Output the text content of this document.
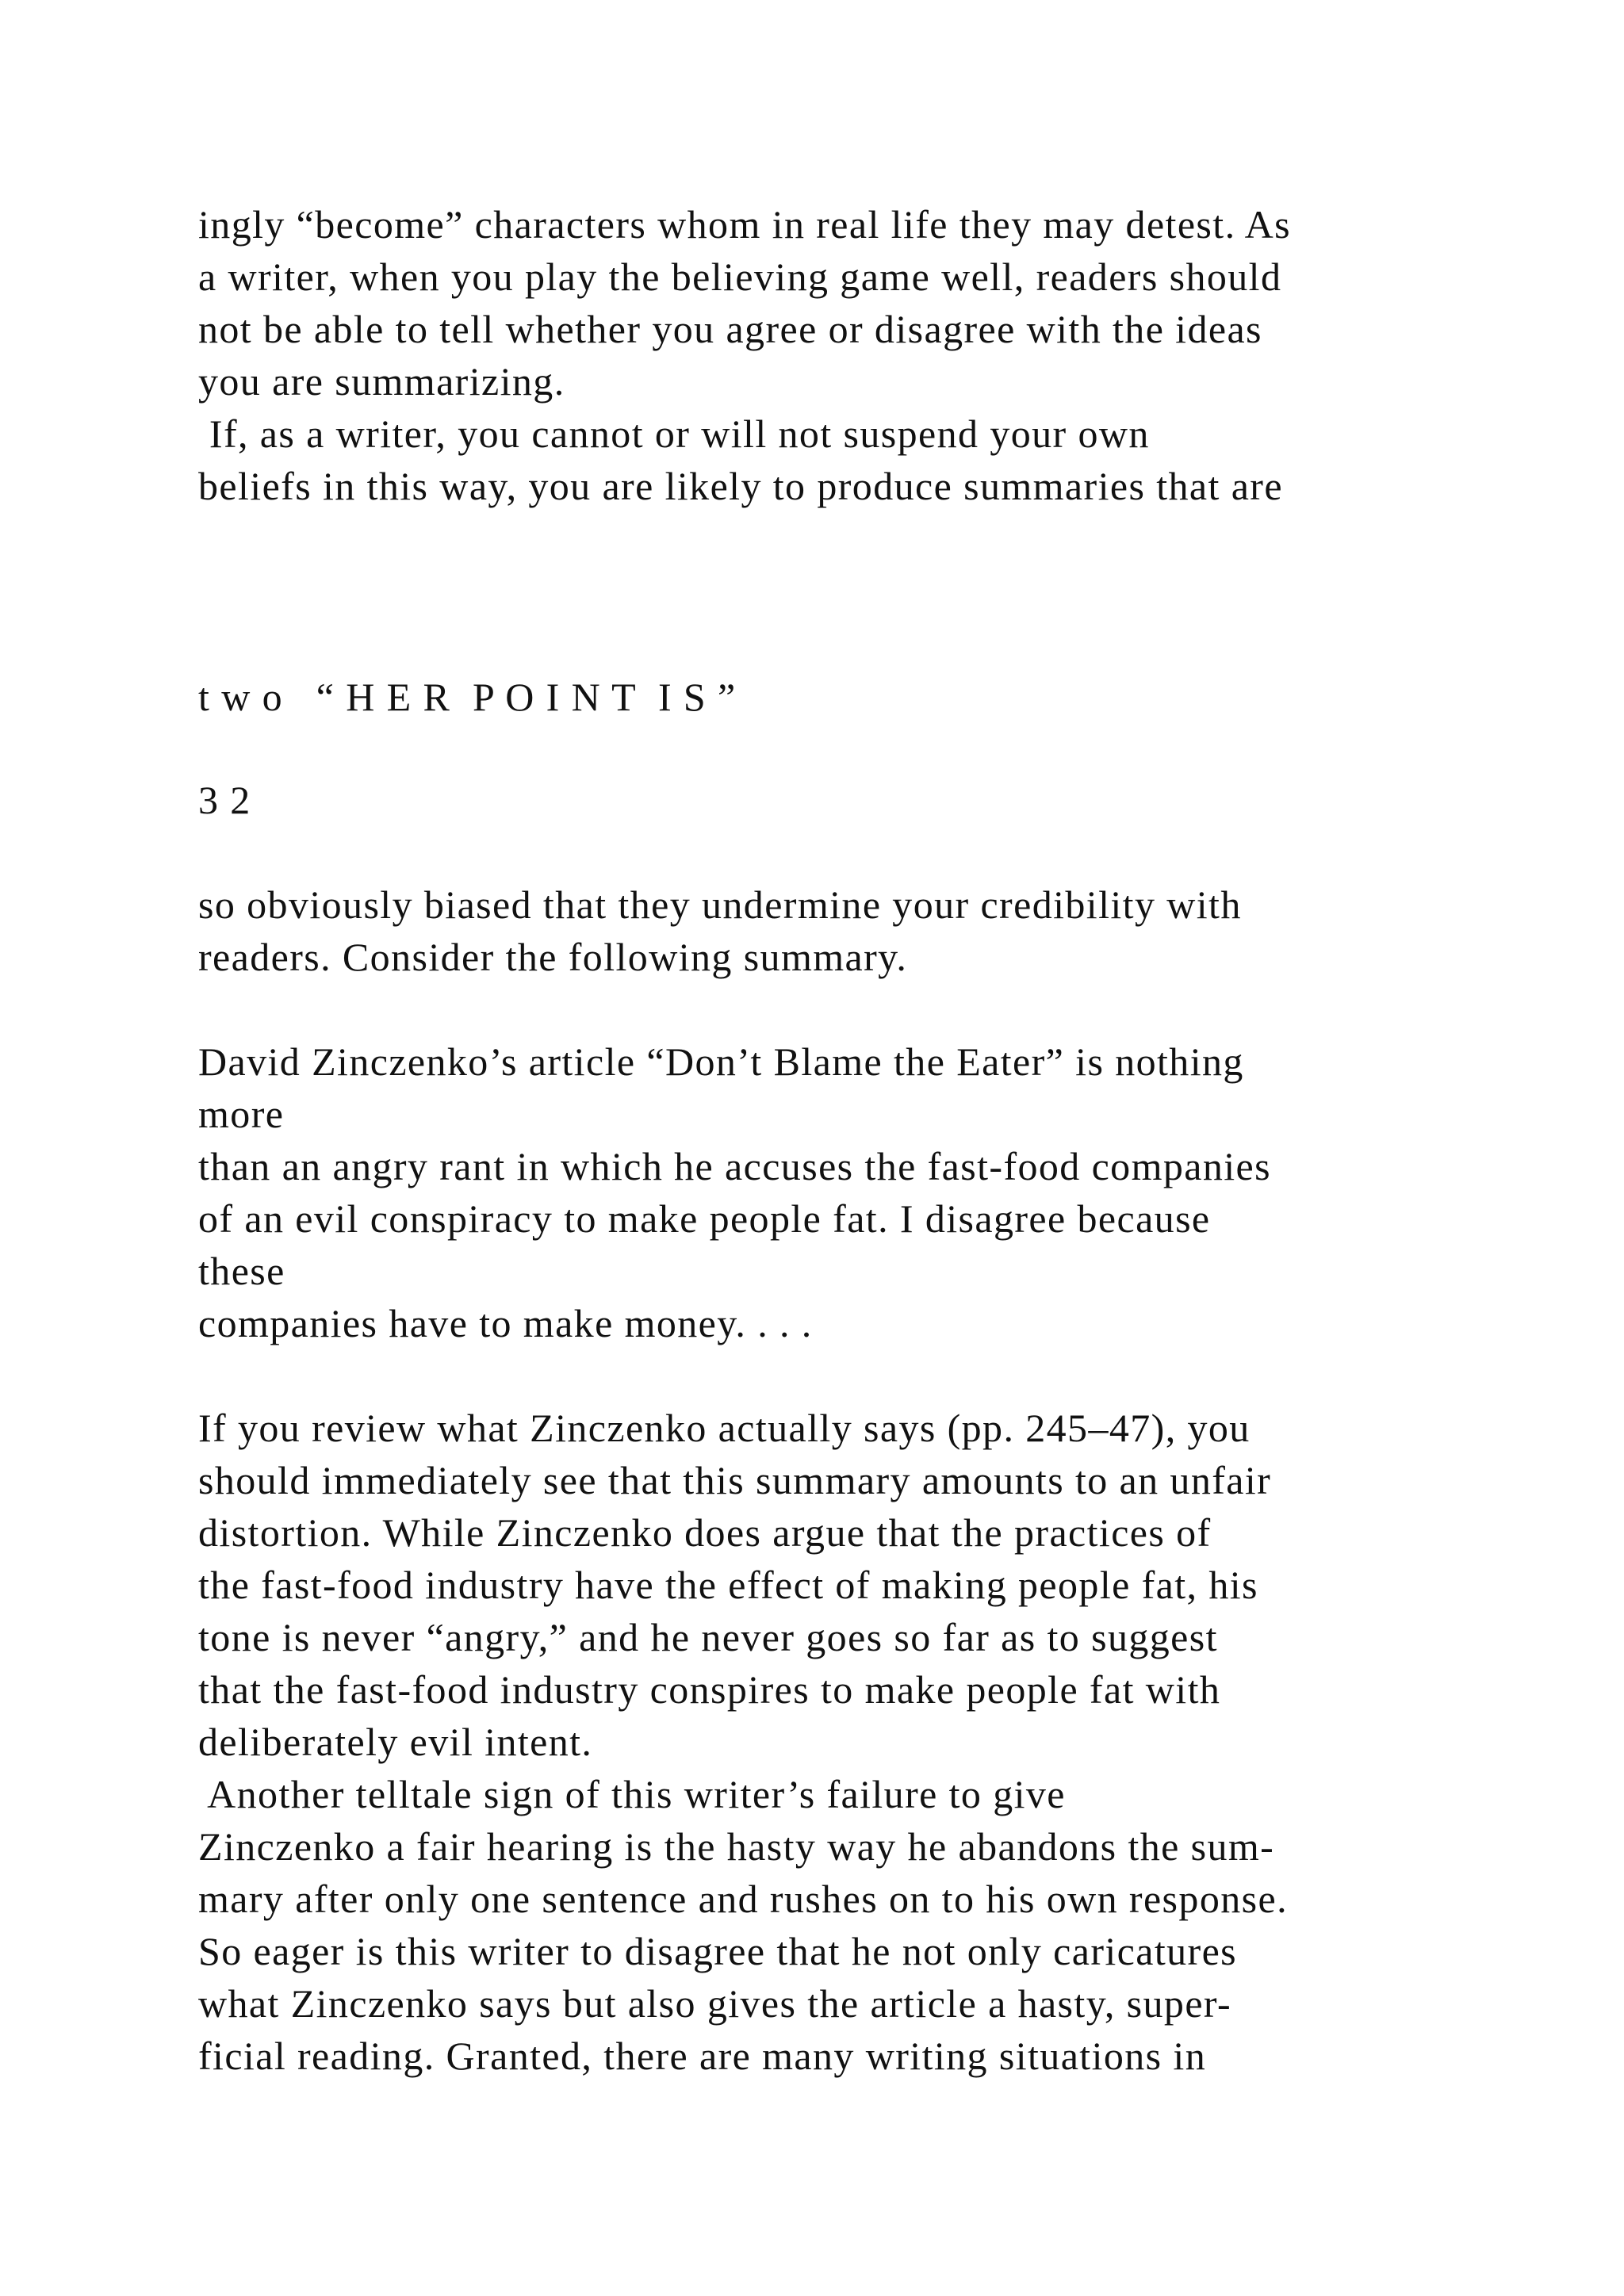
ingly “become” characters whom in real life they may detest. As
a writer, when you play the believing game well, readers should
not be able to tell whether you agree or disagree with the ideas
you are summarizing.
If, as a writer, you cannot or will not suspend your own
beliefs in this way, you are likely to produce summaries that are
t w o   “ H E R  P O I N T  I S ”
3 2
so obviously biased that they undermine your credibility with
readers. Consider the following summary.
David Zinczenko’s article “Don’t Blame the Eater” is nothing
more
than an angry rant in which he accuses the fast-food companies
of an evil conspiracy to make people fat. I disagree because
these
companies have to make money. . . .
If you review what Zinczenko actually says (pp. 245–47), you
should immediately see that this summary amounts to an unfair
distortion. While Zinczenko does argue that the practices of
the fast-food industry have the effect of making people fat, his
tone is never “angry,” and he never goes so far as to suggest
that the fast-food industry conspires to make people fat with
deliberately evil intent.
Another telltale sign of this writer’s failure to give
Zinczenko a fair hearing is the hasty way he abandons the sum-
mary after only one sentence and rushes on to his own response.
So eager is this writer to disagree that he not only caricatures
what Zinczenko says but also gives the article a hasty, super-
ficial reading. Granted, there are many writing situations in
